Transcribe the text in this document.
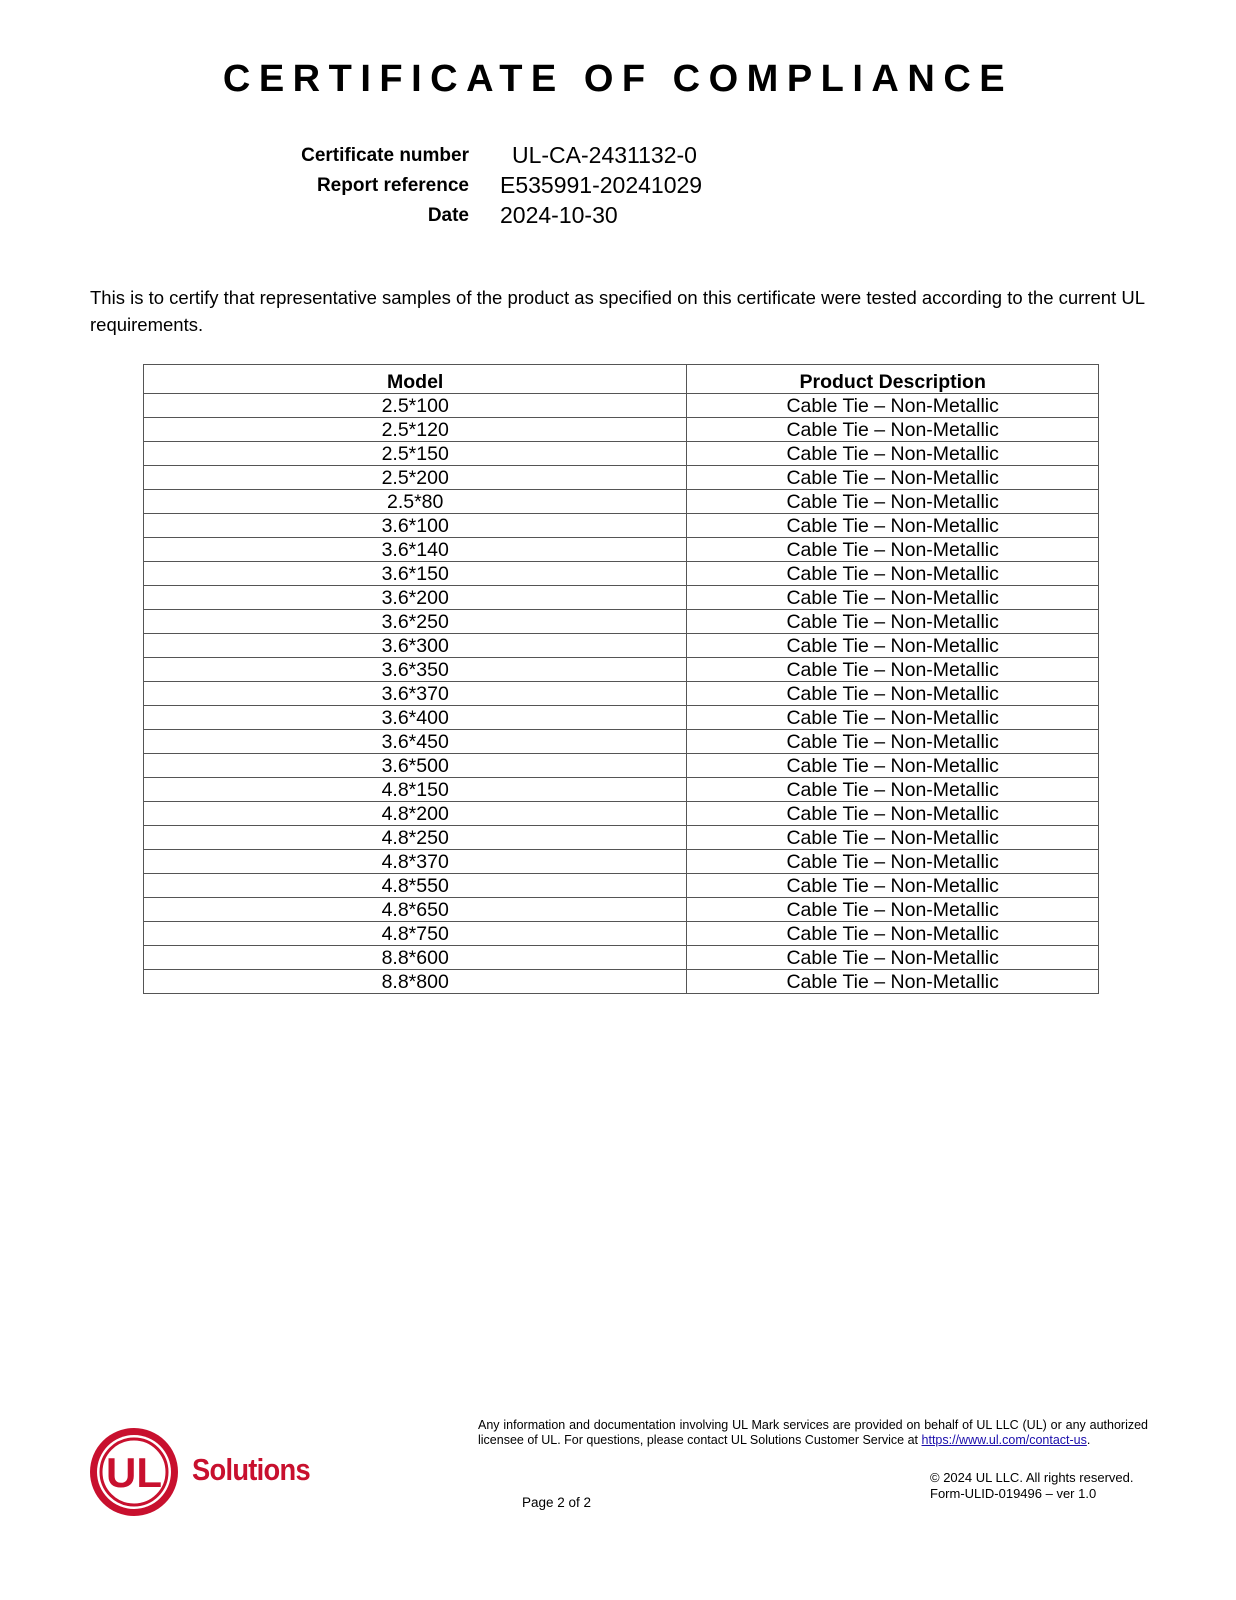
CERTIFICATE OF COMPLIANCE
Certificate number UL-CA-2431132-0
Report reference E535991-20241029
Date 2024-10-30
This is to certify that representative samples of the product as specified on this certificate were tested according to the current UL requirements.
Model	Product Description
2.5*100	Cable Tie – Non-Metallic
2.5*120	Cable Tie – Non-Metallic
2.5*150	Cable Tie – Non-Metallic
2.5*200	Cable Tie – Non-Metallic
2.5*80	Cable Tie – Non-Metallic
3.6*100	Cable Tie – Non-Metallic
3.6*140	Cable Tie – Non-Metallic
3.6*150	Cable Tie – Non-Metallic
3.6*200	Cable Tie – Non-Metallic
3.6*250	Cable Tie – Non-Metallic
3.6*300	Cable Tie – Non-Metallic
3.6*350	Cable Tie – Non-Metallic
3.6*370	Cable Tie – Non-Metallic
3.6*400	Cable Tie – Non-Metallic
3.6*450	Cable Tie – Non-Metallic
3.6*500	Cable Tie – Non-Metallic
4.8*150	Cable Tie – Non-Metallic
4.8*200	Cable Tie – Non-Metallic
4.8*250	Cable Tie – Non-Metallic
4.8*370	Cable Tie – Non-Metallic
4.8*550	Cable Tie – Non-Metallic
4.8*650	Cable Tie – Non-Metallic
4.8*750	Cable Tie – Non-Metallic
8.8*600	Cable Tie – Non-Metallic
8.8*800	Cable Tie – Non-Metallic
UL Solutions
Any information and documentation involving UL Mark services are provided on behalf of UL LLC (UL) or any authorized licensee of UL. For questions, please contact UL Solutions Customer Service at https://www.ul.com/contact-us.
© 2024 UL LLC. All rights reserved.
Form-ULID-019496 – ver 1.0
Page 2 of 2
